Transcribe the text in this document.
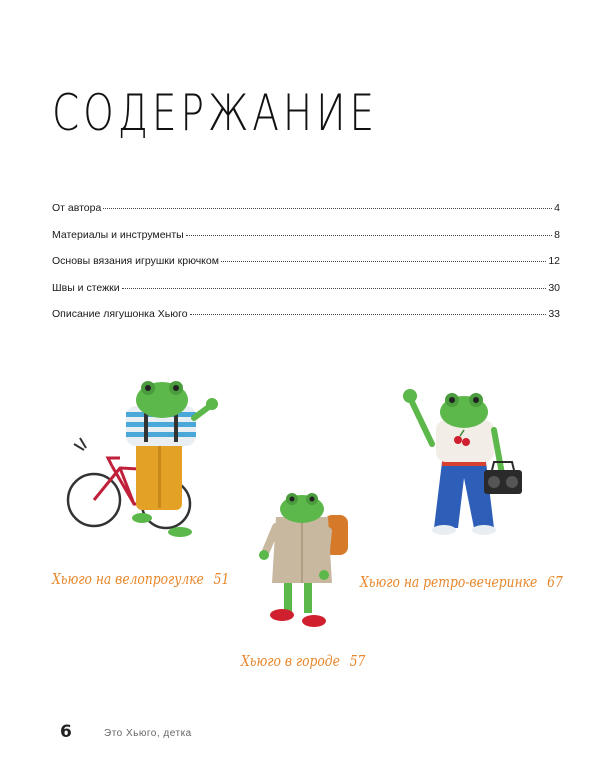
СОДЕРЖАНИЕ
От автора	4
Материалы и инструменты	8
Основы вязания игрушки крючком	12
Швы и стежки	30
Описание лягушонка Хьюго	33
Хьюго на велопрогулке 51	Хьюго на ретро-вечеринке 67
Хьюго в городе 57
6	Это Хьюго, детка
